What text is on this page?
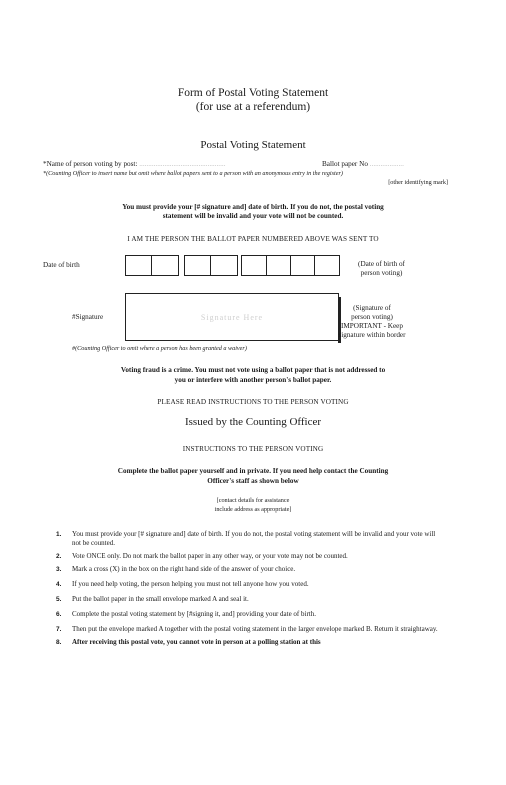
Form of Postal Voting Statement
(for use at a referendum)
Postal Voting Statement
*Name of person voting by post: ................................................	Ballot paper No ...................
*(Counting Officer to insert name but omit where ballot papers sent to a person with an anonymous entry in the register)
[other identifying mark]
You must provide your [# signature and] date of birth. If you do not, the postal voting
statement will be invalid and your vote will not be counted.
I AM THE PERSON THE BALLOT PAPER NUMBERED ABOVE WAS SENT TO
Date of birth	(Date of birth of
person voting)
#Signature	Signature Here
(Signature of
person voting)
IMPORTANT - Keep
signature within border
#(Counting Officer to omit where a person has been granted a waiver)
Voting fraud is a crime. You must not vote using a ballot paper that is not addressed to
you or interfere with another person's ballot paper.
PLEASE READ INSTRUCTIONS TO THE PERSON VOTING
Issued by the Counting Officer
INSTRUCTIONS TO THE PERSON VOTING
Complete the ballot paper yourself and in private. If you need help contact the Counting
Officer's staff as shown below
[contact details for assistance
include address as appropriate]
1. You must provide your [# signature and] date of birth. If you do not, the postal voting statement will be invalid and your vote will not be counted.
2. Vote ONCE only. Do not mark the ballot paper in any other way, or your vote may not be counted.
3. Mark a cross (X) in the box on the right hand side of the answer of your choice.
4. If you need help voting, the person helping you must not tell anyone how you voted.
5. Put the ballot paper in the small envelope marked A and seal it.
6. Complete the postal voting statement by [#signing it, and] providing your date of birth.
7. Then put the envelope marked A together with the postal voting statement in the larger envelope marked B. Return it straightaway.
8. After receiving this postal vote, you cannot vote in person at a polling station at this
